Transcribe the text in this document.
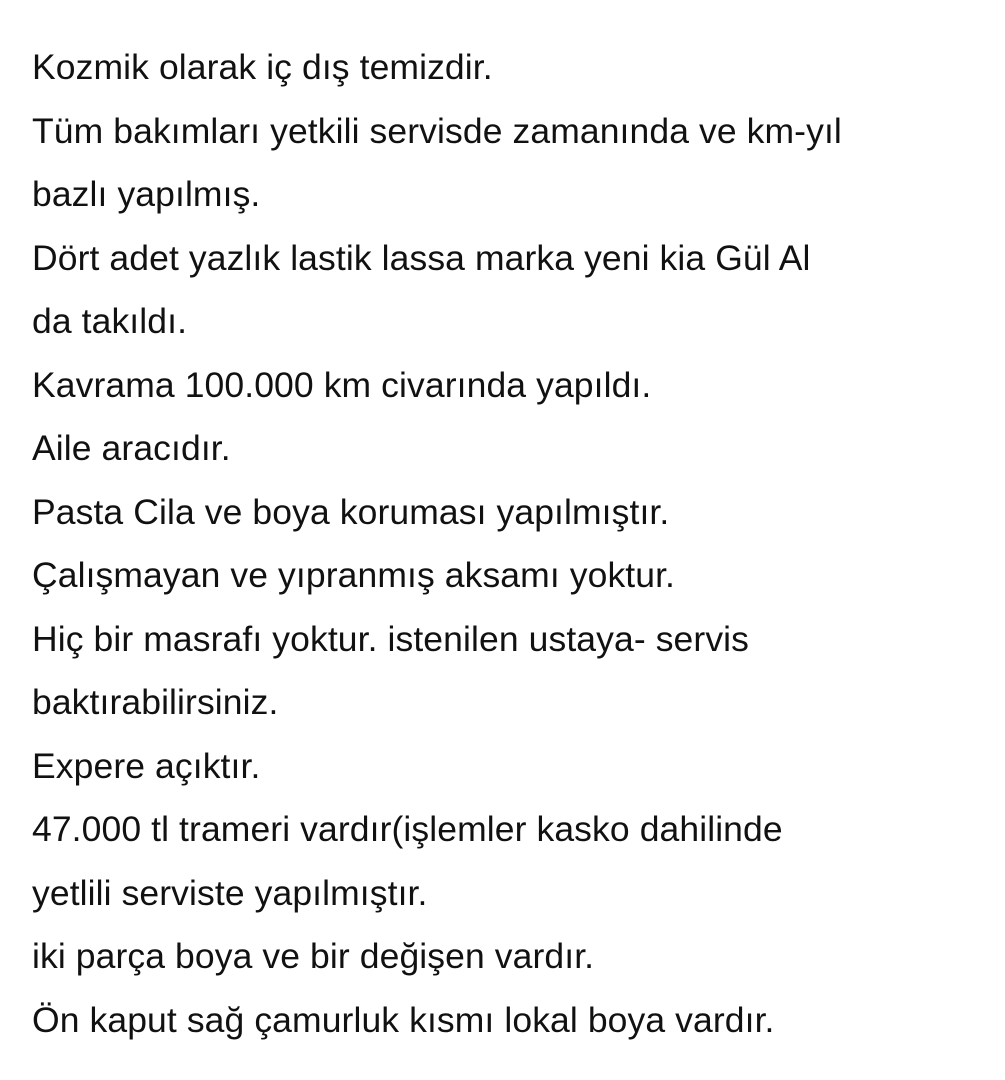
Kozmik olarak iç dış temizdir.
Tüm bakımları yetkili servisde zamanında ve km-yıl
bazlı yapılmış.
Dört adet yazlık lastik lassa marka yeni kia Gül Al
da takıldı.
Kavrama 100.000 km civarında yapıldı.
Aile aracıdır.
Pasta Cila ve boya koruması yapılmıştır.
Çalışmayan ve yıpranmış aksamı yoktur.
Hiç bir masrafı yoktur. istenilen ustaya- servis
baktırabilirsiniz.
Expere açıktır.
47.000 tl trameri vardır(işlemler kasko dahilinde
yetlili serviste yapılmıştır.
iki parça boya ve bir değişen vardır.
Ön kaput sağ çamurluk kısmı lokal boya vardır.
